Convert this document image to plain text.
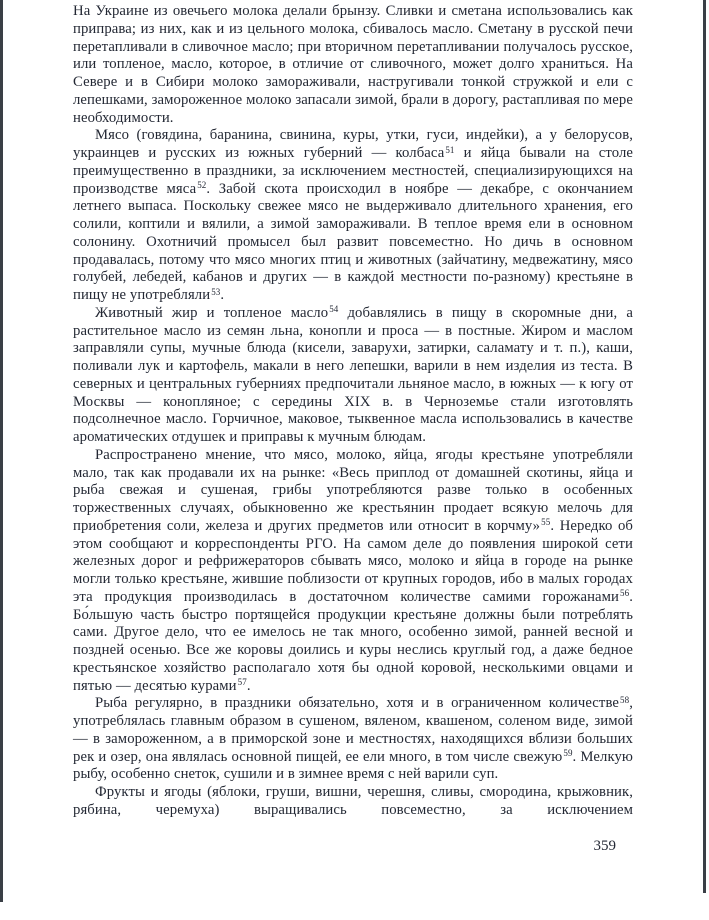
На Украине из овечьего молока делали брынзу. Сливки и сметана использовались как приправа; из них, как и из цельного молока, сбивалось масло. Сметану в русской печи перетапливали в сливочное масло; при вторичном перетапливании получалось русское, или топленое, масло, которое, в отличие от сливочного, может долго храниться. На Севере и в Сибири молоко замораживали, настругивали тонкой стружкой и ели с лепешками, замороженное молоко запасали зимой, брали в дорогу, растапливая по мере необходимости.

Мясо (говядина, баранина, свинина, куры, утки, гуси, индейки), а у белорусов, украинцев и русских из южных губерний — колбаса$^{51}$ и яйца бывали на столе преимущественно в праздники, за исключением местностей, специализирующихся на производстве мяса$^{52}$. Забой скота происходил в ноябре — декабре, с окончанием летнего выпаса. Поскольку свежее мясо не выдерживало длительного хранения, его солили, коптили и вялили, а зимой замораживали. В теплое время ели в основном солонину. Охотничий промысел был развит повсеместно. Но дичь в основном продавалась, потому что мясо многих птиц и животных (зайчатину, медвежатину, мясо голубей, лебедей, кабанов и других — в каждой местности по-разному) крестьяне в пищу не употребляли$^{53}$.

Животный жир и топленое масло$^{54}$ добавлялись в пищу в скоромные дни, а растительное масло из семян льна, конопли и проса — в постные. Жиром и маслом заправляли супы, мучные блюда (кисели, заварухи, затирки, саламату и т. п.), каши, поливали лук и картофель, макали в него лепешки, варили в нем изделия из теста. В северных и центральных губерниях предпочитали льняное масло, в южных — к югу от Москвы — конопляное; с середины XIX в. в Черноземье стали изготовлять подсолнечное масло. Горчичное, маковое, тыквенное масла использовались в качестве ароматических отдушек и приправы к мучным блюдам.

Распространено мнение, что мясо, молоко, яйца, ягоды крестьяне употребляли мало, так как продавали их на рынке: «Весь приплод от домашней скотины, яйца и рыба свежая и сушеная, грибы употребляются разве только в особенных торжественных случаях, обыкновенно же крестьянин продает всякую мелочь для приобретения соли, железа и других предметов или относит в корчму»$^{55}$. Нередко об этом сообщают и корреспонденты РГО. На самом деле до появления широкой сети железных дорог и рефрижераторов сбывать мясо, молоко и яйца в городе на рынке могли только крестьяне, жившие поблизости от крупных городов, ибо в малых городах эта продукция производилась в достаточном количестве самими горожанами$^{56}$. Бо́льшую часть быстро портящейся продукции крестьяне должны были потреблять сами. Другое дело, что ее имелось не так много, особенно зимой, ранней весной и поздней осенью. Все же коровы доились и куры неслись круглый год, а даже бедное крестьянское хозяйство располагало хотя бы одной коровой, несколькими овцами и пятью — десятью курами$^{57}$.

Рыба регулярно, в праздники обязательно, хотя и в ограниченном количестве$^{58}$, употреблялась главным образом в сушеном, вяленом, квашеном, соленом виде, зимой — в замороженном, а в приморской зоне и местностях, находящихся вблизи больших рек и озер, она являлась основной пищей, ее ели много, в том числе свежую$^{59}$. Мелкую рыбу, особенно снеток, сушили и в зимнее время с ней варили суп.

Фрукты и ягоды (яблоки, груши, вишни, черешня, сливы, смородина, крыжовник, рябина, черемуха) выращивались повсеместно, за исключением

359
